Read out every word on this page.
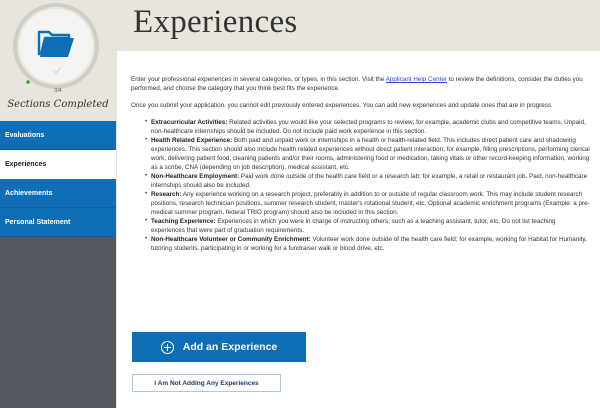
0/4
Sections Completed
Evaluations
Experiences
Achievements
Personal Statement
Experiences

Enter your professional experiences in several categories, or types, in this section. Visit the Applicant Help Center to review the definitions, consider the duties you performed, and choose the category that you think best fits the experience.

Once you submit your application, you cannot edit previously entered experiences. You can add new experiences and update ones that are in progress.

• Extracurricular Activities: Related activities you would like your selected programs to review; for example, academic clubs and competitive teams. Unpaid, non-healthcare internships should be included. Do not include paid work experience in this section.
• Health Related Experience: Both paid and unpaid work or internships in a health or health-related field. This includes direct patient care and shadowing experiences. This section should also include health related experiences without direct patient interaction; for example, filling prescriptions, performing clerical work, delivering patient food, cleaning patients and/or their rooms, administering food or medication, taking vitals or other record-keeping information, working as a scribe, CNA (depending on job description), medical assistant, etc.
• Non-Healthcare Employment: Paid work done outside of the health care field or a research lab; for example, a retail or restaurant job. Paid, non-healthcare internships should also be included.
• Research: Any experience working on a research project, preferably in addition to or outside of regular classroom work. This may include student research positions, research technician positions, summer research student, master's rotational student, etc. Optional academic enrichment programs (Example: a pre-medical summer program, federal TRIO program) should also be included in this section.
• Teaching Experience: Experiences in which you were in charge of instructing others, such as a teaching assistant, tutor, etc. Do not list teaching experiences that were part of graduation requirements.
• Non-Healthcare Volunteer or Community Enrichment: Volunteer work done outside of the health care field; for example, working for Habitat for Humanity, tutoring students, participating in or working for a fundraiser walk or blood drive, etc.
Add an Experience
I Am Not Adding Any Experiences
